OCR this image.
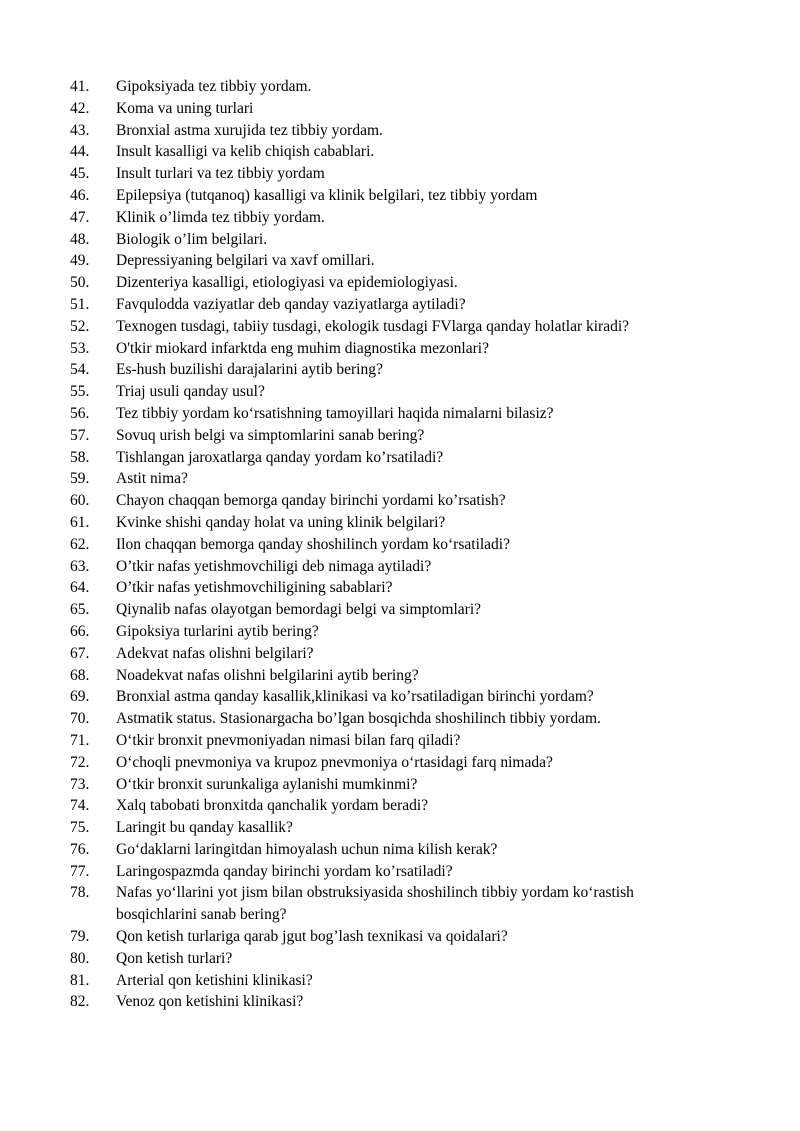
41.	Gipoksiyada tez tibbiy yordam.
42.	Koma va uning turlari
43.	Bronxial astma xurujida tez tibbiy yordam.
44.	Insult kasalligi va kelib chiqish cabablari.
45.	Insult turlari va tez tibbiy yordam
46.	Epilepsiya (tutqanoq) kasalligi va klinik belgilari, tez tibbiy yordam
47.	Klinik o’limda tez tibbiy yordam.
48.	Biologik o’lim belgilari.
49.	Depressiyaning belgilari va xavf omillari.
50.	Dizenteriya kasalligi, etiologiyasi va epidemiologiyasi.
51.	Favqulodda vaziyatlar deb qanday vaziyatlarga aytiladi?
52.	Texnogen tusdagi, tabiiy tusdagi, ekologik tusdagi FVlarga qanday holatlar kiradi?
53.	O'tkir miokard infarktda eng muhim diagnostika mezonlari?
54.	Es-hush buzilishi darajalarini aytib bering?
55.	Triaj usuli qanday usul?
56.	Tez tibbiy yordam ko‘rsatishning tamoyillari haqida nimalarni bilasiz?
57.	Sovuq urish belgi va simptomlarini sanab bering?
58.	Tishlangan jaroxatlarga qanday yordam ko’rsatiladi?
59.	Astit nima?
60.	Chayon chaqqan bemorga qanday birinchi yordami ko’rsatish?
61.	Kvinke shishi qanday holat va uning klinik belgilari?
62.	Ilon chaqqan bemorga qanday shoshilinch yordam ko‘rsatiladi?
63.	O’tkir nafas yetishmovchiligi deb nimaga aytiladi?
64.	O’tkir nafas yetishmovchiligining sabablari?
65.	Qiynalib nafas olayotgan bemordagi belgi va simptomlari?
66.	Gipoksiya turlarini aytib bering?
67.	Adekvat nafas olishni belgilari?
68.	Noadekvat nafas olishni belgilarini aytib bering?
69.	Bronxial astma qanday kasallik,klinikasi va ko’rsatiladigan birinchi yordam?
70.	Astmatik status. Stasionargacha bo’lgan bosqichda shoshilinch tibbiy yordam.
71.	O‘tkir bronxit pnevmoniyadan nimasi bilan farq qiladi?
72.	O‘choqli pnevmoniya va krupoz pnevmoniya o‘rtasidagi farq nimada?
73.	O‘tkir bronxit surunkaliga aylanishi mumkinmi?
74.	Xalq tabobati bronxitda qanchalik yordam beradi?
75.	Laringit bu qanday kasallik?
76.	Go‘daklarni laringitdan himoyalash uchun nima kilish kerak?
77.	Laringospazmda qanday birinchi yordam ko’rsatiladi?
78.	Nafas yo‘llarini yot jism bilan obstruksiyasida shoshilinch tibbiy yordam ko‘rastish bosqichlarini sanab bering?
79.	Qon ketish turlariga qarab jgut bog’lash texnikasi va qoidalari?
80.	Qon ketish turlari?
81.	Arterial qon ketishini klinikasi?
82.	Venoz qon ketishini klinikasi?
